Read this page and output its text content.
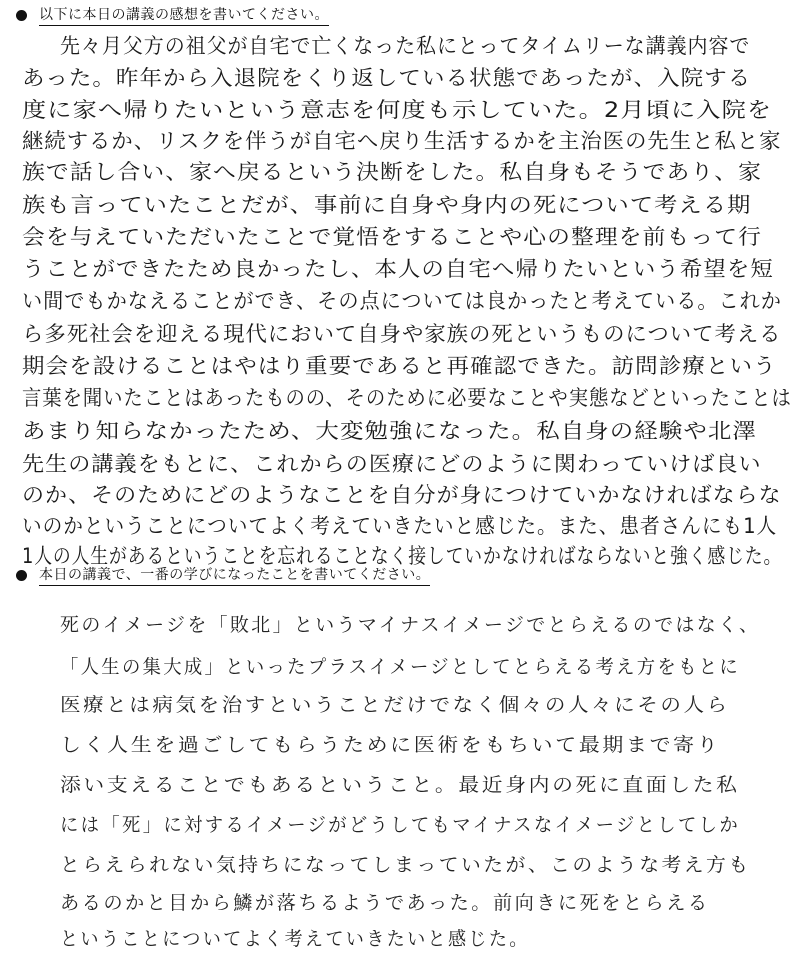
以下に本日の講義の感想を書いてください。
先々月父方の祖父が自宅で亡くなった私にとってタイムリーな講義内容で
あった。昨年から入退院をくり返している状態であったが、入院する
度に家へ帰りたいという意志を何度も示していた。2月頃に入院を
継続するか、リスクを伴うが自宅へ戻り生活するかを主治医の先生と私と家
族で話し合い、家へ戻るという決断をした。私自身もそうであり、家
族も言っていたことだが、事前に自身や身内の死について考える期
会を与えていただいたことで覚悟をすることや心の整理を前もって行
うことができたため良かったし、本人の自宅へ帰りたいという希望を短
い間でもかなえることができ、その点については良かったと考えている。これか
ら多死社会を迎える現代において自身や家族の死というものについて考える
期会を設けることはやはり重要であると再確認できた。訪問診療という
言葉を聞いたことはあったものの、そのために必要なことや実態などといったことは
あまり知らなかったため、大変勉強になった。私自身の経験や北澤
先生の講義をもとに、これからの医療にどのように関わっていけば良い
のか、そのためにどのようなことを自分が身につけていかなければならな
いのかということについてよく考えていきたいと感じた。また、患者さんにも1人
1人の人生があるということを忘れることなく接していかなければならないと強く感じた。
本日の講義で、一番の学びになったことを書いてください。
死のイメージを「敗北」というマイナスイメージでとらえるのではなく、
「人生の集大成」といったプラスイメージとしてとらえる考え方をもとに
医療とは病気を治すということだけでなく個々の人々にその人ら
しく人生を過ごしてもらうために医術をもちいて最期まで寄り
添い支えることでもあるということ。最近身内の死に直面した私
には「死」に対するイメージがどうしてもマイナスなイメージとしてしか
とらえられない気持ちになってしまっていたが、このような考え方も
あるのかと目から鱗が落ちるようであった。前向きに死をとらえる
ということについてよく考えていきたいと感じた。
